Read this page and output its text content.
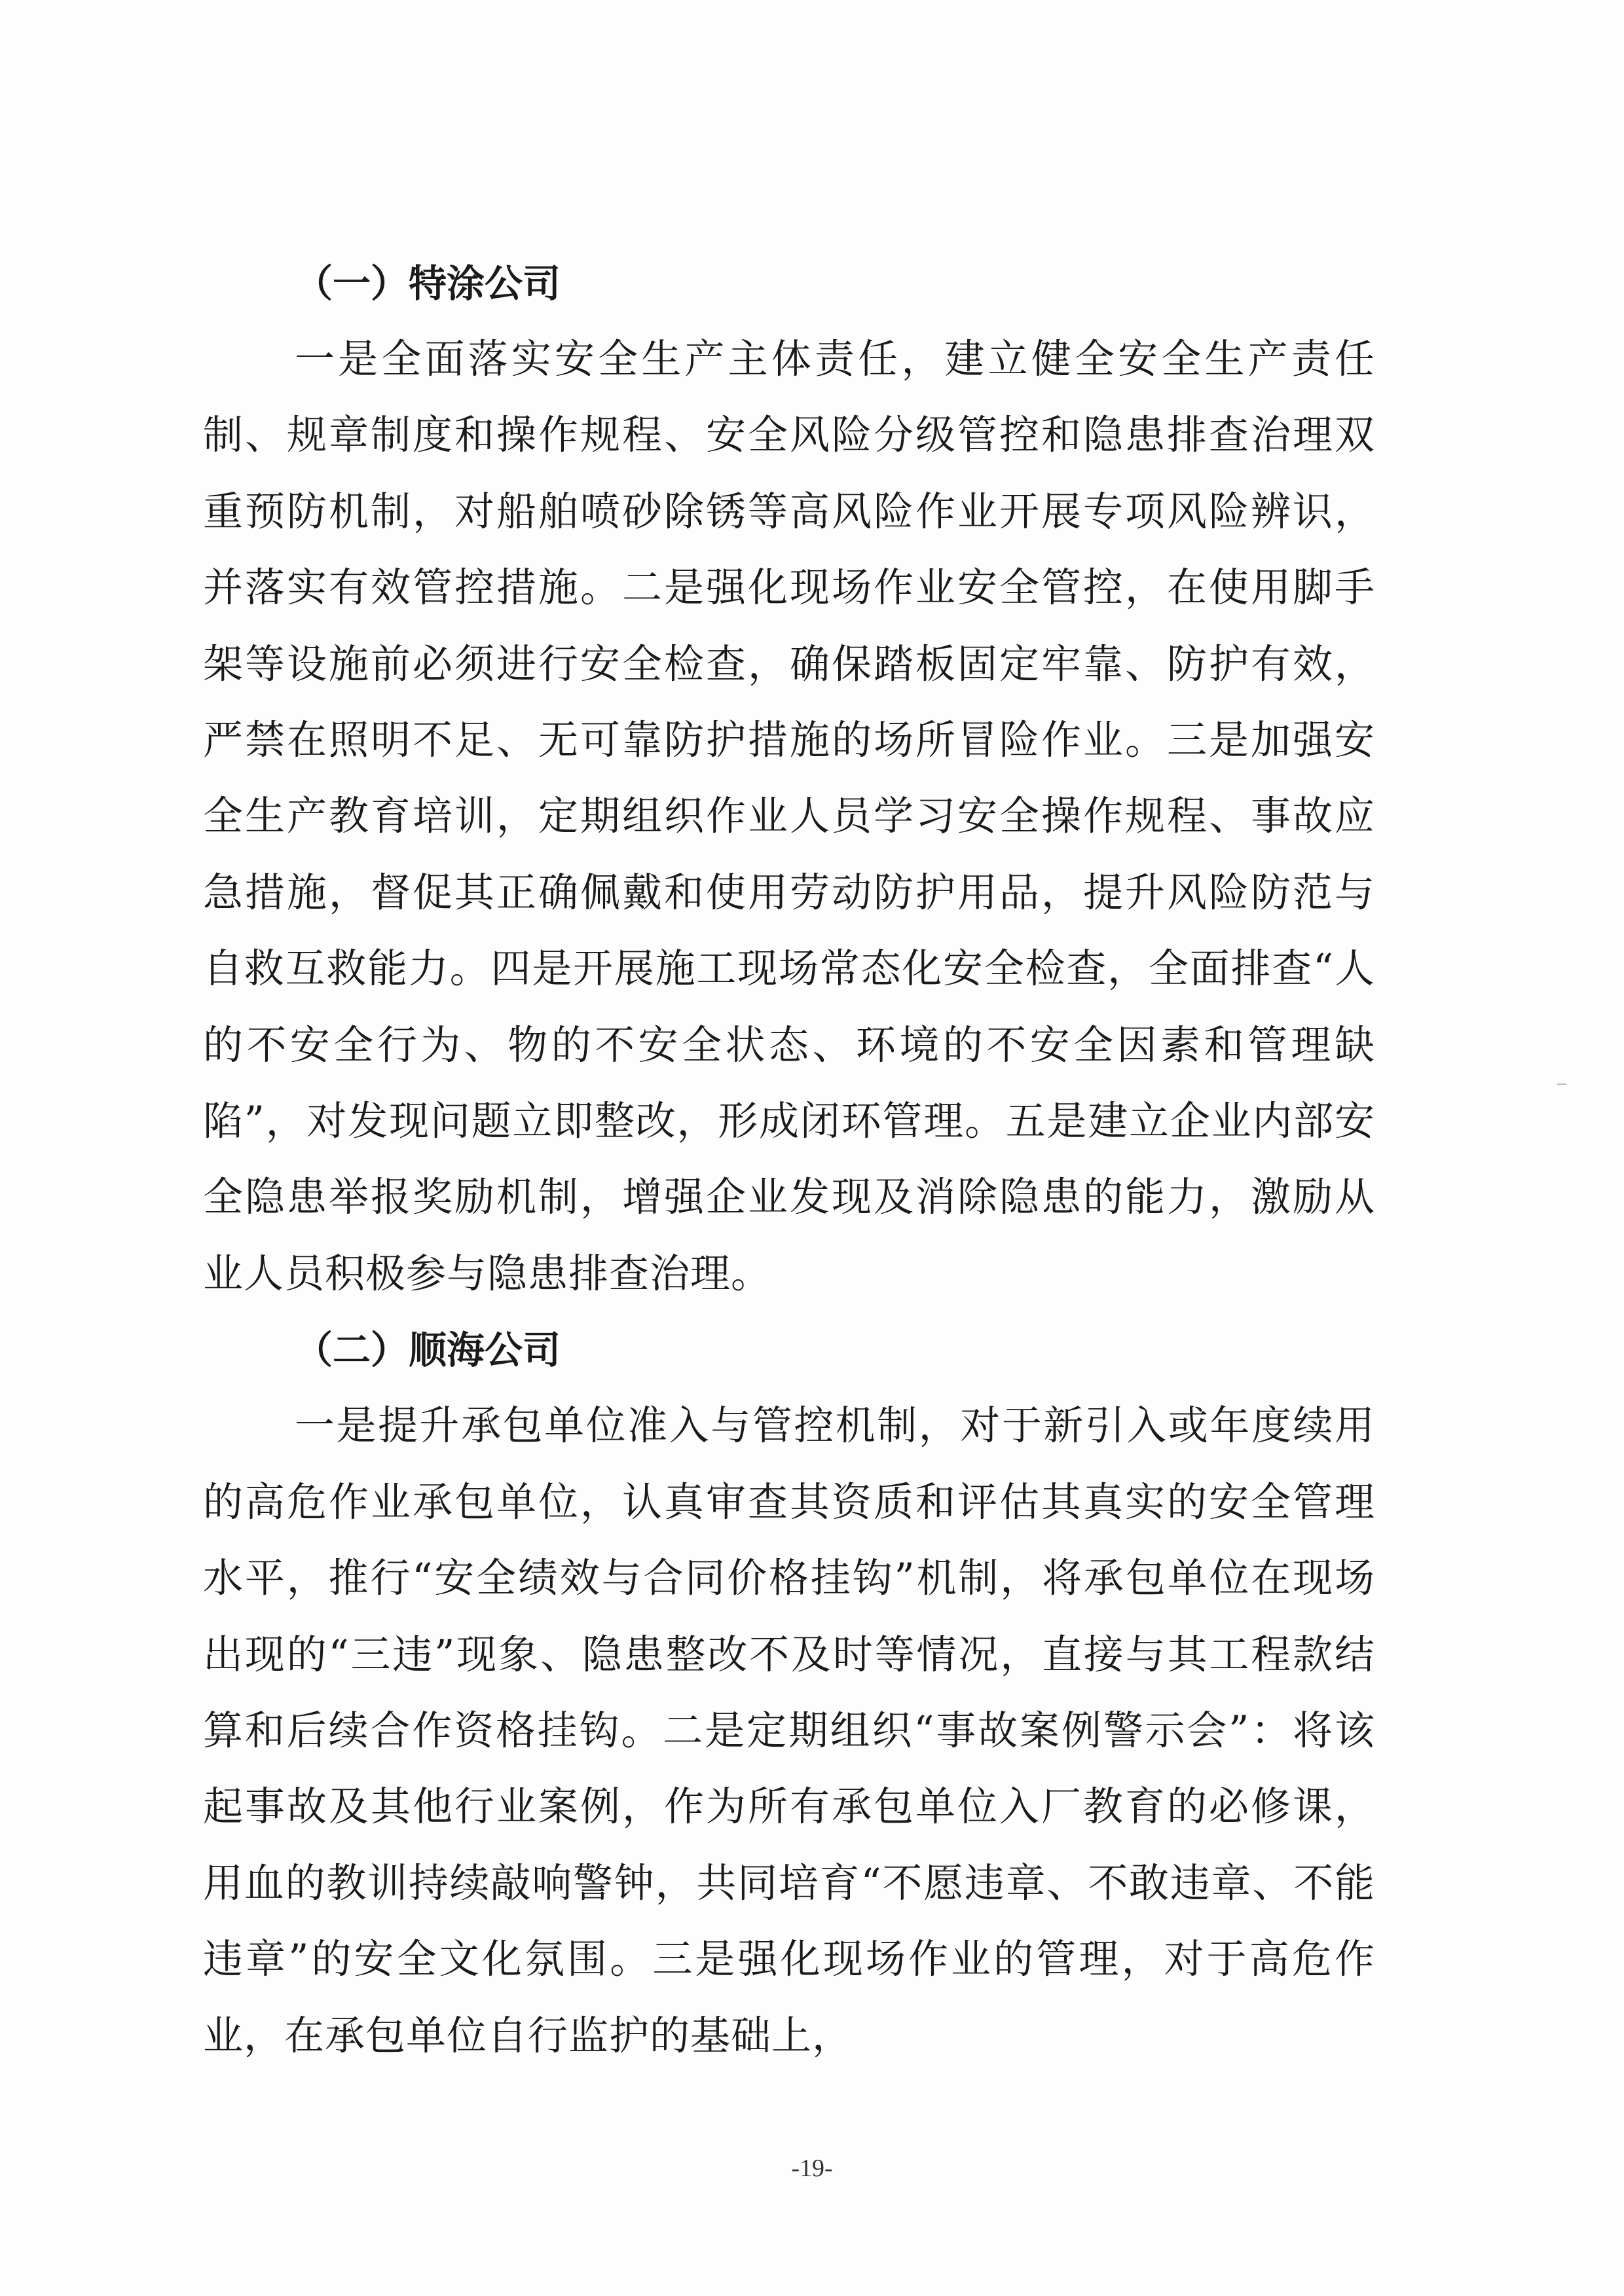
（一）特涂公司

一是全面落实安全生产主体责任，建立健全安全生产责任制、规章制度和操作规程、安全风险分级管控和隐患排查治理双重预防机制，对船舶喷砂除锈等高风险作业开展专项风险辨识，并落实有效管控措施。二是强化现场作业安全管控，在使用脚手架等设施前必须进行安全检查，确保踏板固定牢靠、防护有效，严禁在照明不足、无可靠防护措施的场所冒险作业。三是加强安全生产教育培训，定期组织作业人员学习安全操作规程、事故应急措施，督促其正确佩戴和使用劳动防护用品，提升风险防范与自救互救能力。四是开展施工现场常态化安全检查，全面排查“人的不安全行为、物的不安全状态、环境的不安全因素和管理缺陷”，对发现问题立即整改，形成闭环管理。五是建立企业内部安全隐患举报奖励机制，增强企业发现及消除隐患的能力，激励从业人员积极参与隐患排查治理。

（二）顺海公司

一是提升承包单位准入与管控机制，对于新引入或年度续用的高危作业承包单位，认真审查其资质和评估其真实的安全管理水平，推行“安全绩效与合同价格挂钩”机制，将承包单位在现场出现的“三违”现象、隐患整改不及时等情况，直接与其工程款结算和后续合作资格挂钩。二是定期组织“事故案例警示会”：将该起事故及其他行业案例，作为所有承包单位入厂教育的必修课，用血的教训持续敲响警钟，共同培育“不愿违章、不敢违章、不能违章”的安全文化氛围。三是强化现场作业的管理，对于高危作业，在承包单位自行监护的基础上，

-19-
